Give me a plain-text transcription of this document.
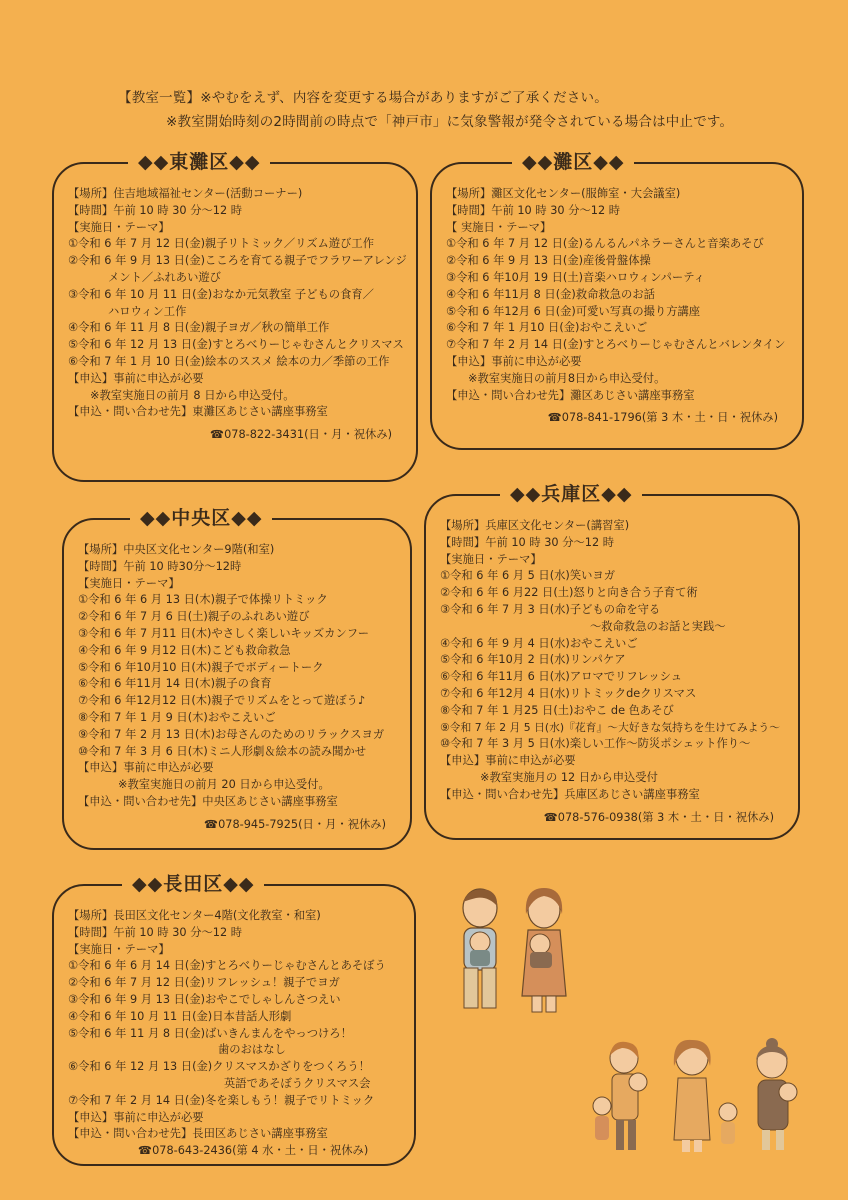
【教室一覧】※やむをえず、内容を変更する場合がありますがご了承ください。
※教室開始時刻の2時間前の時点で「神戸市」に気象警報が発令されている場合は中止です。
◆◆東灘区◆◆
【場所】住吉地域福祉センター(活動コーナー)
【時間】午前 10 時 30 分～12 時
【実施日・テーマ】
①令和 6 年 7 月 12 日(金)親子リトミック／リズム遊び工作
②令和 6 年 9 月 13 日(金)こころを育てる親子でフラワーアレンジ
メント／ふれあい遊び
③令和 6 年 10 月 11 日(金)おなか元気教室 子どもの食育／
ハロウィン工作
④令和 6 年 11 月 8 日(金)親子ヨガ／秋の簡単工作
⑤令和 6 年 12 月 13 日(金)すとろべりーじゃむさんとクリスマス
⑥令和 7 年 1 月 10 日(金)絵本のススメ 絵本の力／季節の工作
【申込】事前に申込が必要
※教室実施日の前月 8 日から申込受付。
【申込・問い合わせ先】東灘区あじさい講座事務室
☎078-822-3431(日・月・祝休み)
◆◆灘区◆◆
【場所】灘区文化センター(服飾室・大会議室)
【時間】午前 10 時 30 分～12 時
【 実施日・テーマ】
①令和 6 年 7 月 12 日(金)るんるんパネラーさんと音楽あそび
②令和 6 年 9 月 13 日(金)産後骨盤体操
③令和 6 年10月 19 日(土)音楽ハロウィンパーティ
④令和 6 年11月 8 日(金)救命救急のお話
⑤令和 6 年12月 6 日(金)可愛い写真の撮り方講座
⑥令和 7 年 1 月10 日(金)おやこえいご
⑦令和 7 年 2 月 14 日(金)すとろべりーじゃむさんとバレンタイン
【申込】事前に申込が必要
※教室実施日の前月8日から申込受付。
【申込・問い合わせ先】灘区あじさい講座事務室
☎078-841-1796(第 3 木・土・日・祝休み)
◆◆中央区◆◆
【場所】中央区文化センター9階(和室)
【時間】午前 10 時30分～12時
【実施日・テーマ】
①令和 6 年 6 月 13 日(木)親子で体操リトミック
②令和 6 年 7 月 6 日(土)親子のふれあい遊び
③令和 6 年 7 月11 日(木)やさしく楽しいキッズカンフー
④令和 6 年 9 月12 日(木)こども救命救急
⑤令和 6 年10月10 日(木)親子でボディートーク
⑥令和 6 年11月 14 日(木)親子の食育
⑦令和 6 年12月12 日(木)親子でリズムをとって遊ぼう♪
⑧令和 7 年 1 月 9 日(木)おやこえいご
⑨令和 7 年 2 月 13 日(木)お母さんのためのリラックスヨガ
⑩令和 7 年 3 月 6 日(木)ミニ人形劇＆絵本の読み聞かせ
【申込】事前に申込が必要
※教室実施日の前月 20 日から申込受付。
【申込・問い合わせ先】中央区あじさい講座事務室
☎078-945-7925(日・月・祝休み)
◆◆兵庫区◆◆
【場所】兵庫区文化センター(講習室)
【時間】午前 10 時 30 分～12 時
【実施日・テーマ】
①令和 6 年 6 月 5 日(水)笑いヨガ
②令和 6 年 6 月22 日(土)怒りと向き合う子育て術
③令和 6 年 7 月 3 日(水)子どもの命を守る
～救命救急のお話と実践～
④令和 6 年 9 月 4 日(水)おやこえいご
⑤令和 6 年10月 2 日(水)リンパケア
⑥令和 6 年11月 6 日(水)アロマでリフレッシュ
⑦令和 6 年12月 4 日(水)リトミックdeクリスマス
⑧令和 7 年 1 月25 日(土)おやこ de 色あそび
⑨令和 7 年 2 月 5 日(水)『花育』～大好きな気持ちを生けてみよう～
⑩令和 7 年 3 月 5 日(水)楽しい工作～防災ポシェット作り～
【申込】事前に申込が必要
※教室実施月の 12 日から申込受付
【申込・問い合わせ先】兵庫区あじさい講座事務室
☎078-576-0938(第 3 木・土・日・祝休み)
◆◆長田区◆◆
【場所】長田区文化センター4階(文化教室・和室)
【時間】午前 10 時 30 分～12 時
【実施日・テーマ】
①令和 6 年 6 月 14 日(金)すとろべりーじゃむさんとあそぼう
②令和 6 年 7 月 12 日(金)リフレッシュ！親子でヨガ
③令和 6 年 9 月 13 日(金)おやこでしゃしんさつえい
④令和 6 年 10 月 11 日(金)日本昔話人形劇
⑤令和 6 年 11 月 8 日(金)ばいきんまんをやっつけろ！
歯のおはなし
⑥令和 6 年 12 月 13 日(金)クリスマスかざりをつくろう！
英語であそぼうクリスマス会
⑦令和 7 年 2 月 14 日(金)冬を楽しもう！親子でリトミック
【申込】事前に申込が必要
【申込・問い合わせ先】長田区あじさい講座事務室
☎078-643-2436(第 4 水・土・日・祝休み)
